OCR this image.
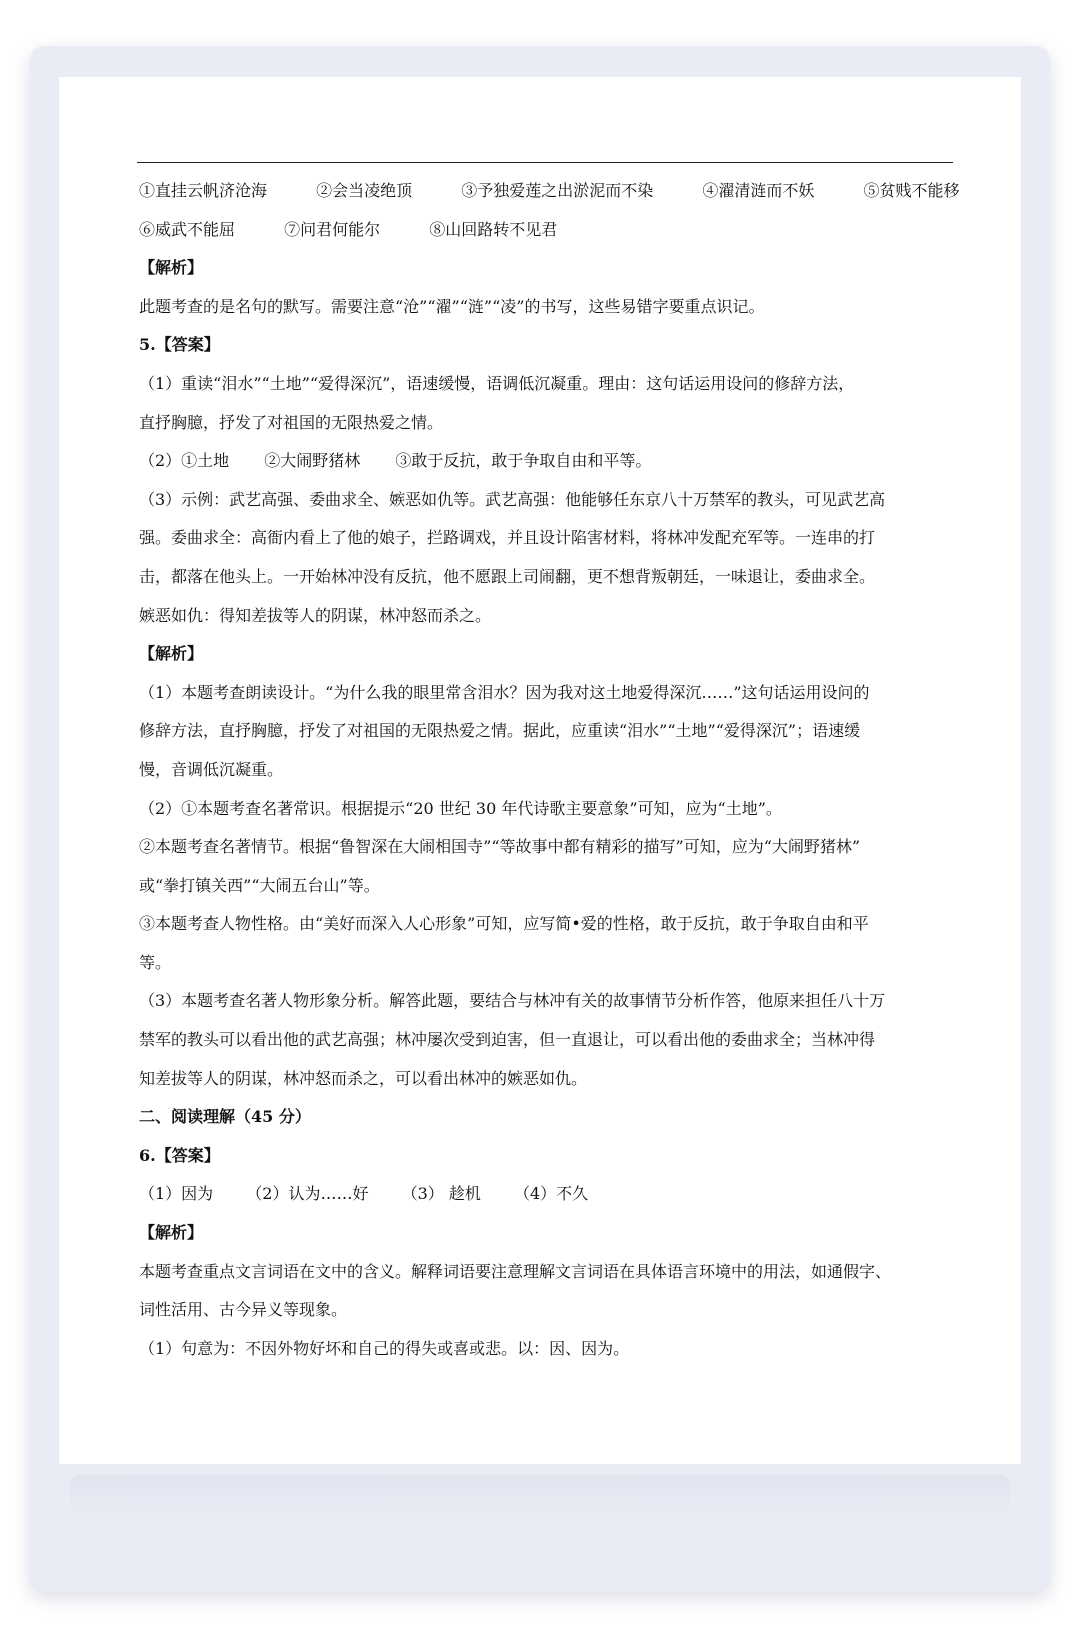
①直挂云帆济沧海	②会当凌绝顶	③予独爱莲之出淤泥而不染	④濯清涟而不妖	⑤贫贱不能移
⑥威武不能屈	⑦问君何能尔	⑧山回路转不见君
【解析】
此题考查的是名句的默写。需要注意“沧”“濯”“涟”“凌”的书写，这些易错字要重点识记。
5.【答案】
（1）重读“泪水”“土地”“爱得深沉”，语速缓慢，语调低沉凝重。理由：这句话运用设问的修辞方法，
直抒胸臆，抒发了对祖国的无限热爱之情。
（2）①土地 ②大闹野猪林 ③敢于反抗，敢于争取自由和平等。
（3）示例：武艺高强、委曲求全、嫉恶如仇等。武艺高强：他能够任东京八十万禁军的教头，可见武艺高
强。委曲求全：高衙内看上了他的娘子，拦路调戏，并且设计陷害材料，将林冲发配充军等。一连串的打
击，都落在他头上。一开始林冲没有反抗，他不愿跟上司闹翻，更不想背叛朝廷，一味退让，委曲求全。
嫉恶如仇：得知差拔等人的阴谋，林冲怒而杀之。
【解析】
（1）本题考查朗读设计。“为什么我的眼里常含泪水？因为我对这土地爱得深沉……”这句话运用设问的
修辞方法，直抒胸臆，抒发了对祖国的无限热爱之情。据此，应重读“泪水”“土地”“爱得深沉”；语速缓
慢，音调低沉凝重。
（2）①本题考查名著常识。根据提示“20 世纪 30 年代诗歌主要意象”可知，应为“土地”。
②本题考查名著情节。根据“鲁智深在大闹相国寺”“等故事中都有精彩的描写”可知，应为“大闹野猪林”
或“拳打镇关西”“大闹五台山”等。
③本题考查人物性格。由“美好而深入人心形象”可知，应写简•爱的性格，敢于反抗，敢于争取自由和平
等。
（3）本题考查名著人物形象分析。解答此题，要结合与林冲有关的故事情节分析作答，他原来担任八十万
禁军的教头可以看出他的武艺高强；林冲屡次受到迫害，但一直退让，可以看出他的委曲求全；当林冲得
知差拔等人的阴谋，林冲怒而杀之，可以看出林冲的嫉恶如仇。
二、阅读理解（45 分）
6.【答案】
（1）因为 （2）认为……好 （3） 趁机 （4）不久
【解析】
本题考查重点文言词语在文中的含义。解释词语要注意理解文言词语在具体语言环境中的用法，如通假字、
词性活用、古今异义等现象。
（1）句意为：不因外物好坏和自己的得失或喜或悲。以：因、因为。
